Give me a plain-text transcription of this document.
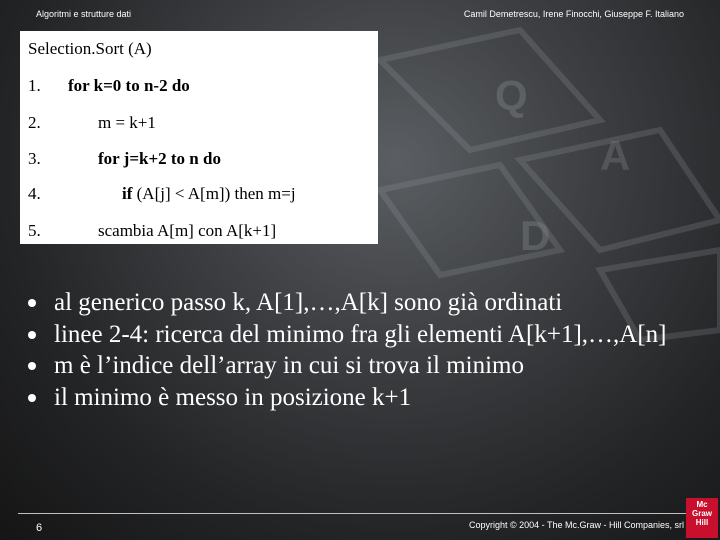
Q
D
A
Algoritmi e strutture dati	Camil Demetrescu, Irene Finocchi, Giuseppe F. Italiano
Selection.Sort (A)
1. for k=0 to n-2 do
2.	m = k+1
3.	for j=k+2 to n do
4.	if (A[j] < A[m]) then m=j
5.	scambia A[m] con A[k+1]
al generico passo k, A[1],…,A[k] sono già ordinati
linee 2-4: ricerca del minimo fra gli elementi A[k+1],…,A[n]
m è l’indice dell’array in cui si trova il minimo
il minimo è messo in posizione k+1
6	Copyright © 2004 - The Mc.Graw - Hill Companies, srl
Mc
Graw
Hill
